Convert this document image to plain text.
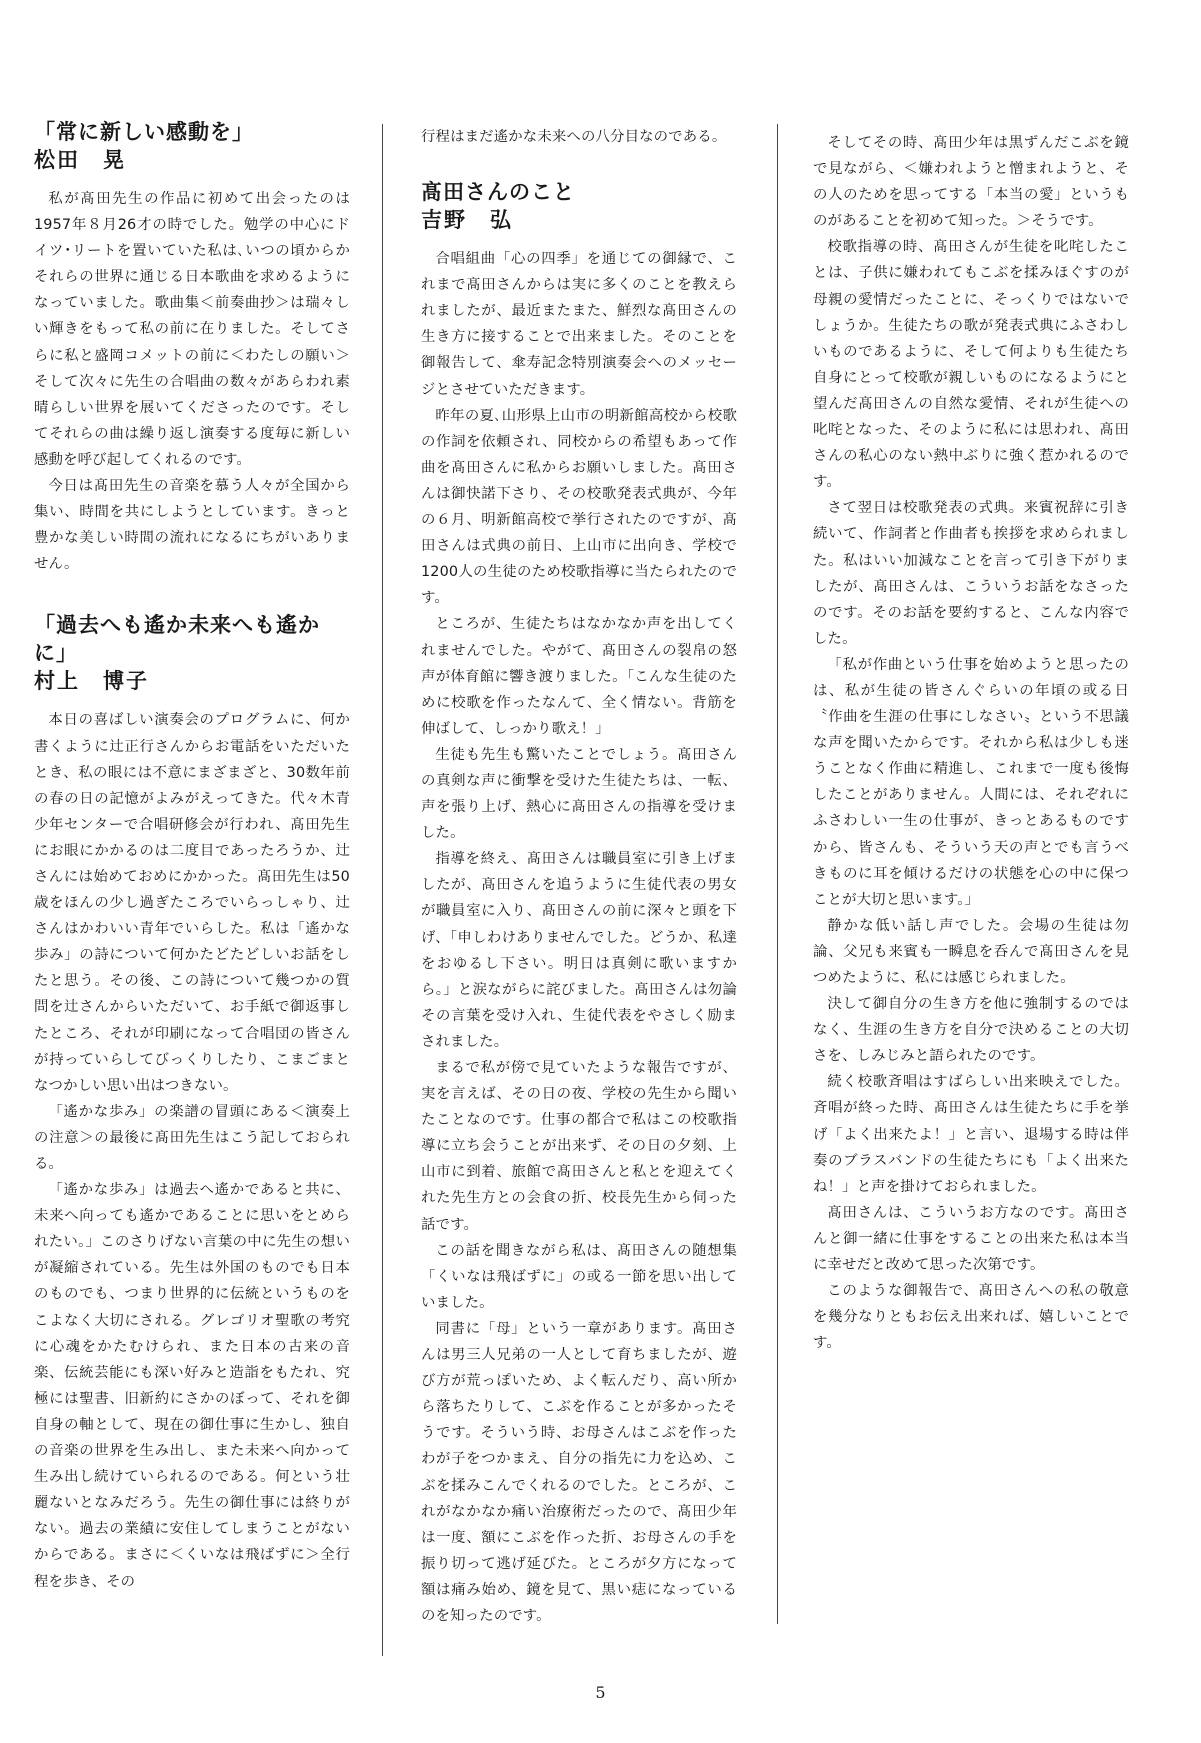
「常に新しい感動を」

松田　晃

私が髙田先生の作品に初めて出会ったのは1957年８月26才の時でした。勉学の中心にドイツ･リートを置いていた私は､いつの頃からかそれらの世界に通じる日本歌曲を求めるようになっていました。歌曲集＜前奏曲抄＞は瑞々しい輝きをもって私の前に在りました。そしてさらに私と盛岡コメットの前に＜わたしの願い＞そして次々に先生の合唱曲の数々があらわれ素晴らしい世界を展いてくださったのです。そしてそれらの曲は繰り返し演奏する度毎に新しい感動を呼び起してくれるのです。

今日は髙田先生の音楽を慕う人々が全国から集い、時間を共にしようとしています。きっと豊かな美しい時間の流れになるにちがいありません。

「過去へも遙か未来へも遙かに」

村上　博子

本日の喜ばしい演奏会のプログラムに、何か書くように辻正行さんからお電話をいただいたとき、私の眼には不意にまざまざと、30数年前の春の日の記憶がよみがえってきた。代々木青少年センターで合唱研修会が行われ、髙田先生にお眼にかかるのは二度目であったろうか、辻さんには始めておめにかかった。髙田先生は50歳をほんの少し過ぎたころでいらっしゃり、辻さんはかわいい青年でいらした。私は「遙かな歩み」の詩について何かたどたどしいお話をしたと思う。その後、この詩について幾つかの質問を辻さんからいただいて、お手紙で御返事したところ、それが印刷になって合唱団の皆さんが持っていらしてびっくりしたり、こまごまとなつかしい思い出はつきない。

「遙かな歩み」の楽譜の冒頭にある＜演奏上の注意＞の最後に髙田先生はこう記しておられる。

「遙かな歩み」は過去へ遙かであると共に、未来へ向っても遙かであることに思いをとめられたい。」このさりげない言葉の中に先生の想いが凝縮されている。先生は外国のものでも日本のものでも、つまり世界的に伝統というものをこよなく大切にされる。グレゴリオ聖歌の考究に心魂をかたむけられ、また日本の古来の音楽、伝統芸能にも深い好みと造詣をもたれ、究極には聖書、旧新約にさかのぼって、それを御自身の軸として、現在の御仕事に生かし、独自の音楽の世界を生み出し、また未来へ向かって生み出し続けていられるのである。何という壮麗ないとなみだろう。先生の御仕事には終りがない。過去の業績に安住してしまうことがないからである。まさに＜くいなは飛ばずに＞全行程を歩き、その

行程はまだ遙かな未来への八分目なのである。

髙田さんのこと

吉野　弘

合唱組曲「心の四季」を通じての御縁で、これまで髙田さんからは実に多くのことを教えられましたが、最近またまた、鮮烈な髙田さんの生き方に接することで出来ました。そのことを御報告して、傘寿記念特別演奏会へのメッセージとさせていただきます。

昨年の夏､山形県上山市の明新館高校から校歌の作詞を依頼され、同校からの希望もあって作曲を髙田さんに私からお願いしました。髙田さんは御快諾下さり、その校歌発表式典が、今年の６月、明新館高校で挙行されたのですが、髙田さんは式典の前日、上山市に出向き、学校で1200人の生徒のため校歌指導に当たられたのです。

ところが、生徒たちはなかなか声を出してくれませんでした。やがて、髙田さんの裂帛の怒声が体育館に響き渡りました。「こんな生徒のために校歌を作ったなんて、全く情ない。背筋を伸ばして、しっかり歌え！」

生徒も先生も驚いたことでしょう。髙田さんの真剣な声に衝撃を受けた生徒たちは、一転、声を張り上げ、熱心に髙田さんの指導を受けました。

指導を終え、髙田さんは職員室に引き上げましたが、髙田さんを追うように生徒代表の男女が職員室に入り、髙田さんの前に深々と頭を下げ、「申しわけありませんでした。どうか、私達をおゆるし下さい。明日は真剣に歌いますから。」と涙ながらに詫びました。髙田さんは勿論その言葉を受け入れ、生徒代表をやさしく励まされました。

まるで私が傍で見ていたような報告ですが、実を言えば、その日の夜、学校の先生から聞いたことなのです。仕事の都合で私はこの校歌指導に立ち会うことが出来ず、その日の夕刻、上山市に到着、旅館で髙田さんと私とを迎えてくれた先生方との会食の折、校長先生から伺った話です。

この話を聞きながら私は、髙田さんの随想集「くいなは飛ばずに」の或る一節を思い出していました。

同書に「母」という一章があります。髙田さんは男三人兄弟の一人として育ちましたが、遊び方が荒っぽいため、よく転んだり、高い所から落ちたりして、こぶを作ることが多かったそうです。そういう時、お母さんはこぶを作ったわが子をつかまえ、自分の指先に力を込め、こぶを揉みこんでくれるのでした。ところが、これがなかなか痛い治療術だったので、髙田少年は一度、額にこぶを作った折、お母さんの手を振り切って逃げ延びた。ところが夕方になって額は痛み始め、鏡を見て、黒い痣になっているのを知ったのです。

そしてその時、髙田少年は黒ずんだこぶを鏡で見ながら、＜嫌われようと憎まれようと、その人のためを思ってする「本当の愛」というものがあることを初めて知った。＞そうです。

校歌指導の時、髙田さんが生徒を叱咤したことは、子供に嫌われてもこぶを揉みほぐすのが母親の愛情だったことに、そっくりではないでしょうか。生徒たちの歌が発表式典にふさわしいものであるように、そして何よりも生徒たち自身にとって校歌が親しいものになるようにと望んだ髙田さんの自然な愛情、それが生徒への叱咤となった、そのように私には思われ、髙田さんの私心のない熱中ぶりに強く惹かれるのです。

さて翌日は校歌発表の式典。来賓祝辞に引き続いて、作詞者と作曲者も挨拶を求められました。私はいい加減なことを言って引き下がりましたが、髙田さんは、こういうお話をなさったのです。そのお話を要約すると、こんな内容でした。

「私が作曲という仕事を始めようと思ったのは、私が生徒の皆さんぐらいの年頃の或る日〝作曲を生涯の仕事にしなさい〟という不思議な声を聞いたからです。それから私は少しも迷うことなく作曲に精進し、これまで一度も後悔したことがありません。人間には、それぞれにふさわしい一生の仕事が、きっとあるものですから、皆さんも、そういう天の声とでも言うべきものに耳を傾けるだけの状態を心の中に保つことが大切と思います。」

静かな低い話し声でした。会場の生徒は勿論、父兄も来賓も一瞬息を呑んで髙田さんを見つめたように、私には感じられました。

決して御自分の生き方を他に強制するのではなく、生涯の生き方を自分で決めることの大切さを、しみじみと語られたのです。

続く校歌斉唱はすばらしい出来映えでした。斉唱が終った時、髙田さんは生徒たちに手を挙げ「よく出来たよ！」と言い、退場する時は伴奏のブラスバンドの生徒たちにも「よく出来たね！」と声を掛けておられました。

髙田さんは、こういうお方なのです。髙田さんと御一緒に仕事をすることの出来た私は本当に幸せだと改めて思った次第です。

このような御報告で、髙田さんへの私の敬意を幾分なりともお伝え出来れば、嬉しいことです。

5
